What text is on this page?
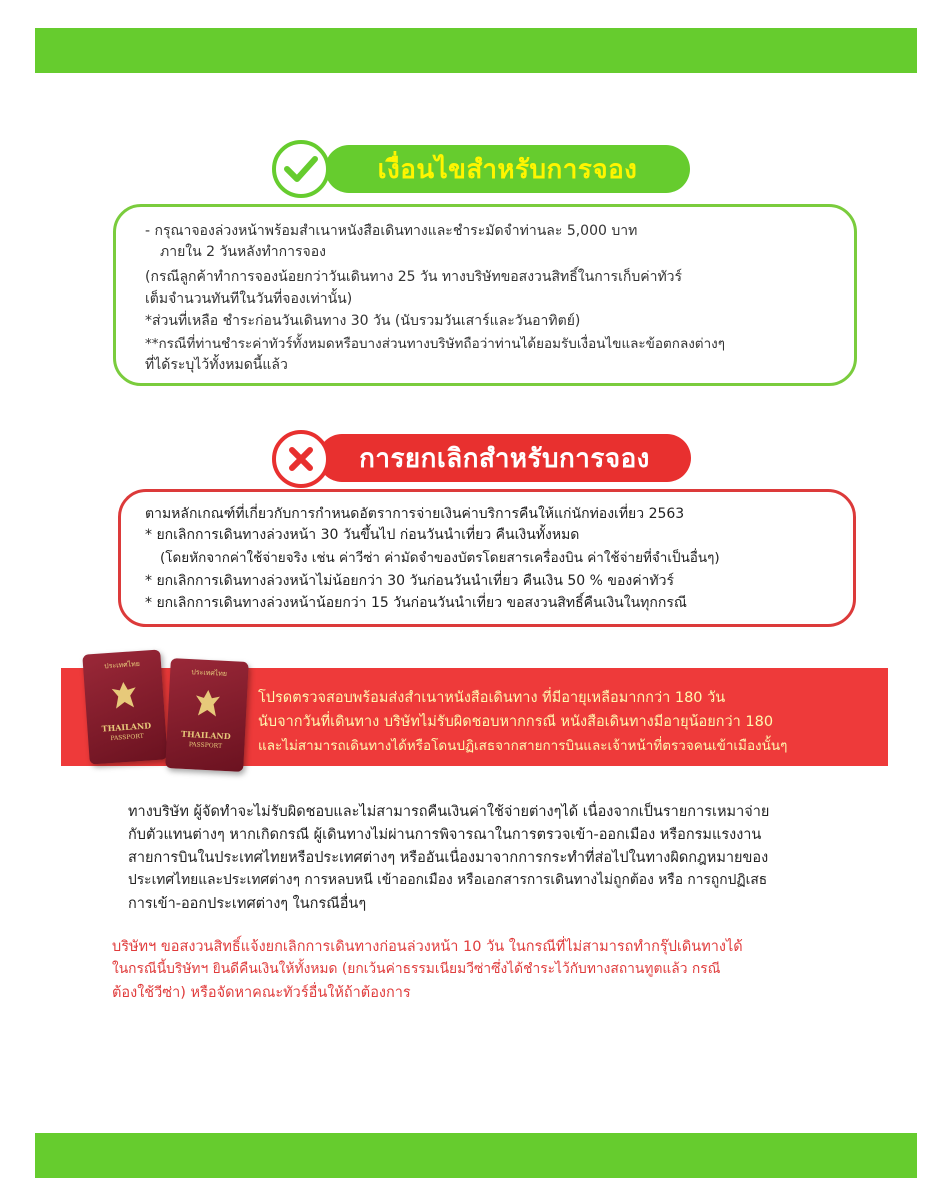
เงื่อนไขสำหรับการจอง
- กรุณาจองล่วงหน้าพร้อมสำเนาหนังสือเดินทางและชำระมัดจำท่านละ 5,000 บาท
ภายใน 2 วันหลังทำการจอง
(กรณีลูกค้าทำการจองน้อยกว่าวันเดินทาง 25 วัน ทางบริษัทขอสงวนสิทธิ์ในการเก็บค่าทัวร์
เต็มจำนวนทันทีในวันที่จองเท่านั้น)
*ส่วนที่เหลือ ชำระก่อนวันเดินทาง 30 วัน (นับรวมวันเสาร์และวันอาทิตย์)
**กรณีที่ท่านชำระค่าทัวร์ทั้งหมดหรือบางส่วนทางบริษัทถือว่าท่านได้ยอมรับเงื่อนไขและข้อตกลงต่างๆ
ที่ได้ระบุไว้ทั้งหมดนี้แล้ว
การยกเลิกสำหรับการจอง
ตามหลักเกณฑ์ที่เกี่ยวกับการกำหนดอัตราการจ่ายเงินค่าบริการคืนให้แก่นักท่องเที่ยว 2563
* ยกเลิกการเดินทางล่วงหน้า 30 วันขึ้นไป ก่อนวันนำเที่ยว คืนเงินทั้งหมด
(โดยหักจากค่าใช้จ่ายจริง เช่น ค่าวีซ่า ค่ามัดจำของบัตรโดยสารเครื่องบิน ค่าใช้จ่ายที่จำเป็นอื่นๆ)
* ยกเลิกการเดินทางล่วงหน้าไม่น้อยกว่า 30 วันก่อนวันนำเที่ยว คืนเงิน 50 % ของค่าทัวร์
* ยกเลิกการเดินทางล่วงหน้าน้อยกว่า 15 วันก่อนวันนำเที่ยว ขอสงวนสิทธิ์คืนเงินในทุกกรณี
ประเทศไทย
THAILAND
PASSPORT
ประเทศไทย
THAILAND
PASSPORT
โปรดตรวจสอบพร้อมส่งสำเนาหนังสือเดินทาง ที่มีอายุเหลือมากกว่า 180 วัน
นับจากวันที่เดินทาง บริษัทไม่รับผิดชอบหากกรณี หนังสือเดินทางมีอายุน้อยกว่า 180
และไม่สามารถเดินทางได้หรือโดนปฏิเสธจากสายการบินและเจ้าหน้าที่ตรวจคนเข้าเมืองนั้นๆ
ทางบริษัท ผู้จัดทำจะไม่รับผิดชอบและไม่สามารถคืนเงินค่าใช้จ่ายต่างๆได้ เนื่องจากเป็นรายการเหมาจ่าย
กับตัวแทนต่างๆ หากเกิดกรณี ผู้เดินทางไม่ผ่านการพิจารณาในการตรวจเข้า-ออกเมือง หรือกรมแรงงาน
สายการบินในประเทศไทยหรือประเทศต่างๆ หรืออันเนื่องมาจากการกระทำที่ส่อไปในทางผิดกฎหมายของ
ประเทศไทยและประเทศต่างๆ การหลบหนี เข้าออกเมือง หรือเอกสารการเดินทางไม่ถูกต้อง หรือ การถูกปฏิเสธ
การเข้า-ออกประเทศต่างๆ ในกรณีอื่นๆ
บริษัทฯ ขอสงวนสิทธิ์แจ้งยกเลิกการเดินทางก่อนล่วงหน้า 10 วัน ในกรณีที่ไม่สามารถทำกรุ๊ปเดินทางได้
ในกรณีนี้บริษัทฯ ยินดีคืนเงินให้ทั้งหมด (ยกเว้นค่าธรรมเนียมวีซ่าซึ่งได้ชำระไว้กับทางสถานทูตแล้ว กรณี
ต้องใช้วีซ่า) หรือจัดหาคณะทัวร์อื่นให้ถ้าต้องการ
